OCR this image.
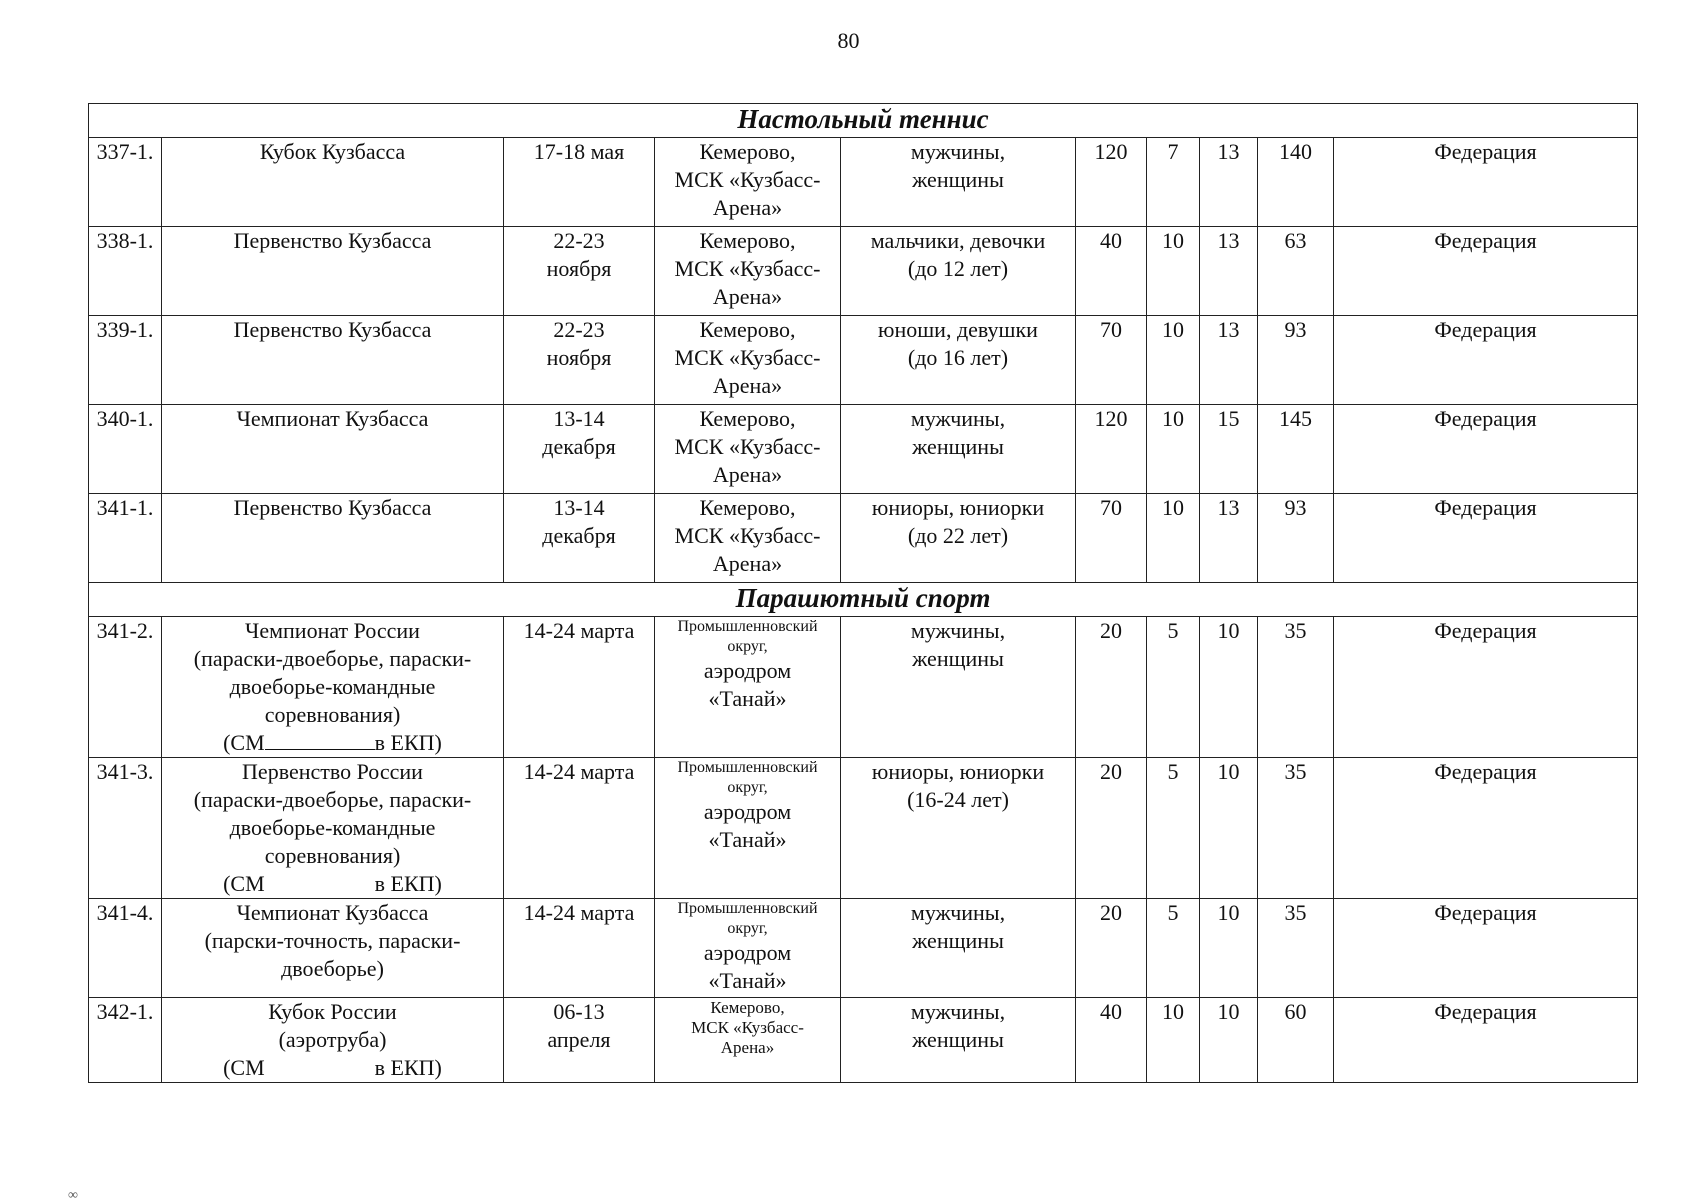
80
Настольный теннис									
337-1.	Кубок Кузбасса	17-18 мая	Кемерово,
МСК «Кузбасс-
Арена»	мужчины,
женщины	120	7	13	140	Федерация
338-1.	Первенство Кузбасса	22-23
ноября	Кемерово,
МСК «Кузбасс-
Арена»	мальчики, девочки
(до 12 лет)	40	10	13	63	Федерация
339-1.	Первенство Кузбасса	22-23
ноября	Кемерово,
МСК «Кузбасс-
Арена»	юноши, девушки
(до 16 лет)	70	10	13	93	Федерация
340-1.	Чемпионат Кузбасса	13-14
декабря	Кемерово,
МСК «Кузбасс-
Арена»	мужчины,
женщины	120	10	15	145	Федерация
341-1.	Первенство Кузбасса	13-14
декабря	Кемерово,
МСК «Кузбасс-
Арена»	юниоры, юниорки
(до 22 лет)	70	10	13	93	Федерация
Парашютный спорт									
341-2.	Чемпионат России
(параски-двоеборье, параски-
двоеборье-командные
соревнования)
(СМ в ЕКП)	14-24 марта	Промышленновский
округ,
аэродром
«Танай»	мужчины,
женщины	20	5	10	35	Федерация
341-3.	Первенство России
(параски-двоеборье, параски-
двоеборье-командные
соревнования)
(СМ в ЕКП)	14-24 марта	Промышленновский
округ,
аэродром
«Танай»	юниоры, юниорки
(16-24 лет)	20	5	10	35	Федерация
341-4.	Чемпионат Кузбасса
(парски-точность, параски-
двоеборье)	14-24 марта	Промышленновский
округ,
аэродром
«Танай»	мужчины,
женщины	20	5	10	35	Федерация
342-1.	Кубок России
(аэротруба)
(СМ в ЕКП)	06-13
апреля	Кемерово,
МСК «Кузбасс-
Арена»	мужчины,
женщины	40	10	10	60	Федерация
∞
